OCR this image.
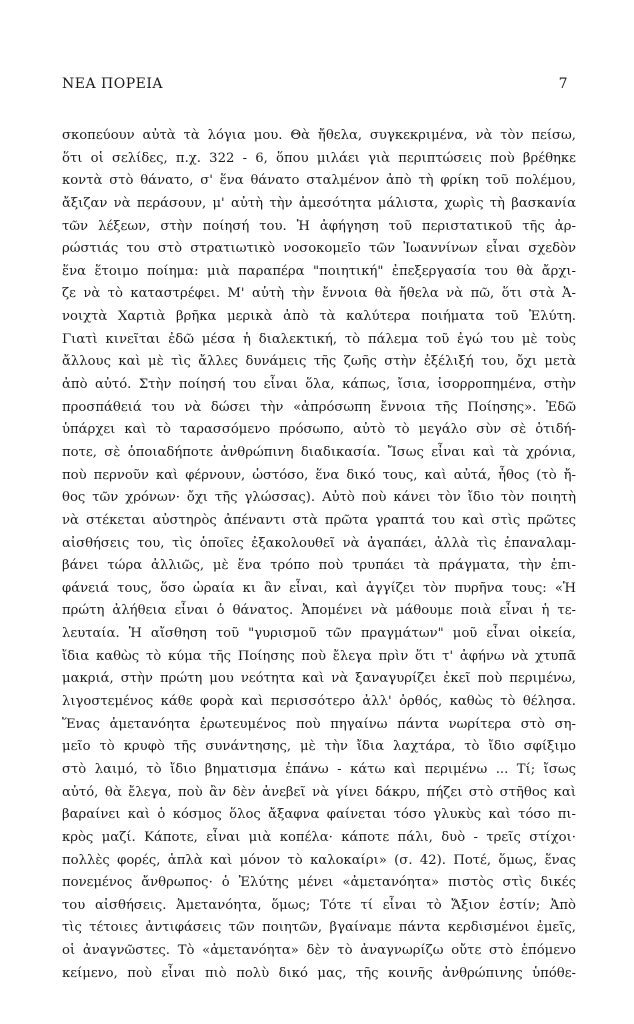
ΝΕΑ ΠΟΡΕΙΑ	7
σκοπεύουν αὐτὰ τὰ λόγια μου. Θὰ ἤθελα, συγκεκριμένα, νὰ τὸν πείσω,
ὅτι οἱ σελίδες, π.χ. 322 - 6, ὅπου μιλάει γιὰ περιπτώσεις ποὺ βρέθηκε
κοντὰ στὸ θάνατο, σ' ἕνα θάνατο σταλμένον ἀπὸ τὴ φρίκη τοῦ πολέμου,
ἄξιζαν νὰ περάσουν, μ' αὐτὴ τὴν ἀμεσότητα μάλιστα, χωρὶς τὴ βασκανία
τῶν λέξεων, στὴν ποίησή του. Ἡ ἀφήγηση τοῦ περιστατικοῦ τῆς ἀρ-
ρώστιάς του στὸ στρατιωτικὸ νοσοκομεῖο τῶν Ἰωαννίνων εἶναι σχεδὸν
ἕνα ἕτοιμο ποίημα: μιὰ παραπέρα "ποιητική" ἐπεξεργασία του θὰ ἄρχι-
ζε νὰ τὸ καταστρέφει. Μ' αὐτὴ τὴν ἔννοια θὰ ἤθελα νὰ πῶ, ὅτι στὰ Ἀ-
νοιχτὰ Χαρτιὰ βρῆκα μερικὰ ἀπὸ τὰ καλύτερα ποιήματα τοῦ Ἐλύτη.
Γιατὶ κινεῖται ἐδῶ μέσα ἡ διαλεκτική, τὸ πάλεμα τοῦ ἐγώ του μὲ τοὺς
ἄλλους καὶ μὲ τὶς ἄλλες δυνάμεις τῆς ζωῆς στὴν ἐξέλιξή του, ὄχι μετὰ
ἀπὸ αὐτό. Στὴν ποίησή του εἶναι ὅλα, κάπως, ἴσια, ἰσορροπημένα, στὴν
προσπάθειά του νὰ δώσει τὴν «ἀπρόσωπη ἔννοια τῆς Ποίησης». Ἐδῶ
ὑπάρχει καὶ τὸ ταρασσόμενο πρόσωπο, αὐτὸ τὸ μεγάλο σὺν σὲ ὁτιδή-
ποτε, σὲ ὁποιαδήποτε ἀνθρώπινη διαδικασία. Ἴσως εἶναι καὶ τὰ χρόνια,
ποὺ περνοῦν καὶ φέρνουν, ὡστόσο, ἕνα δικό τους, καὶ αὐτά, ἦθος (τὸ ἤ-
θος τῶν χρόνων· ὄχι τῆς γλώσσας). Αὐτὸ ποὺ κάνει τὸν ἴδιο τὸν ποιητὴ
νὰ στέκεται αὐστηρὸς ἀπέναντι στὰ πρῶτα γραπτά του καὶ στὶς πρῶτες
αἰσθήσεις του, τὶς ὁποῖες ἐξακολουθεῖ νὰ ἀγαπάει, ἀλλὰ τὶς ἐπαναλαμ-
βάνει τώρα ἀλλιῶς, μὲ ἕνα τρόπο ποὺ τρυπάει τὰ πράγματα, τὴν ἐπι-
φάνειά τους, ὅσο ὡραία κι ἂν εἶναι, καὶ ἀγγίζει τὸν πυρῆνα τους: «Ἡ
πρώτη ἀλήθεια εἶναι ὁ θάνατος. Ἀπομένει νὰ μάθουμε ποιὰ εἶναι ἡ τε-
λευταία. Ἡ αἴσθηση τοῦ "γυρισμοῦ τῶν πραγμάτων" μοῦ εἶναι οἰκεία,
ἴδια καθὼς τὸ κύμα τῆς Ποίησης ποὺ ἔλεγα πρὶν ὅτι τ' ἀφήνω νὰ χτυπᾶ
μακριά, στὴν πρώτη μου νεότητα καὶ νὰ ξαναγυρίζει ἐκεῖ ποὺ περιμένω,
λιγοστεμένος κάθε φορὰ καὶ περισσότερο ἀλλ' ὀρθός, καθὼς τὸ θέλησα.
Ἕνας ἀμετανόητα ἐρωτευμένος ποὺ πηγαίνω πάντα νωρίτερα στὸ ση-
μεῖο τὸ κρυφὸ τῆς συνάντησης, μὲ τὴν ἴδια λαχτάρα, τὸ ἴδιο σφίξιμο
στὸ λαιμό, τὸ ἴδιο βηματισμα ἐπάνω - κάτω καὶ περιμένω ... Τί; ἴσως
αὐτό, θὰ ἔλεγα, ποὺ ἂν δὲν ἀνεβεῖ νὰ γίνει δάκρυ, πήζει στὸ στῆθος καὶ
βαραίνει καὶ ὁ κόσμος ὅλος ἄξαφνα φαίνεται τόσο γλυκὺς καὶ τόσο πι-
κρὸς μαζί. Κάποτε, εἶναι μιὰ κοπέλα· κάποτε πάλι, δυὸ - τρεῖς στίχοι·
πολλὲς φορές, ἁπλὰ καὶ μόνον τὸ καλοκαίρι» (σ. 42). Ποτέ, ὅμως, ἕνας
πονεμένος ἄνθρωπος· ὁ Ἐλύτης μένει «ἀμετανόητα» πιστὸς στὶς δικές
του αἰσθήσεις. Ἀμετανόητα, ὅμως; Τότε τί εἶναι τὸ Ἄξιον ἐστίν; Ἀπὸ
τὶς τέτοιες ἀντιφάσεις τῶν ποιητῶν, βγαίναμε πάντα κερδισμένοι ἐμεῖς,
οἱ ἀναγνῶστες. Τὸ «ἀμετανόητα» δὲν τὸ ἀναγνωρίζω οὔτε στὸ ἑπόμενο
κείμενο, ποὺ εἶναι πιὸ πολὺ δικό μας, τῆς κοινῆς ἀνθρώπινης ὑπόθε-
